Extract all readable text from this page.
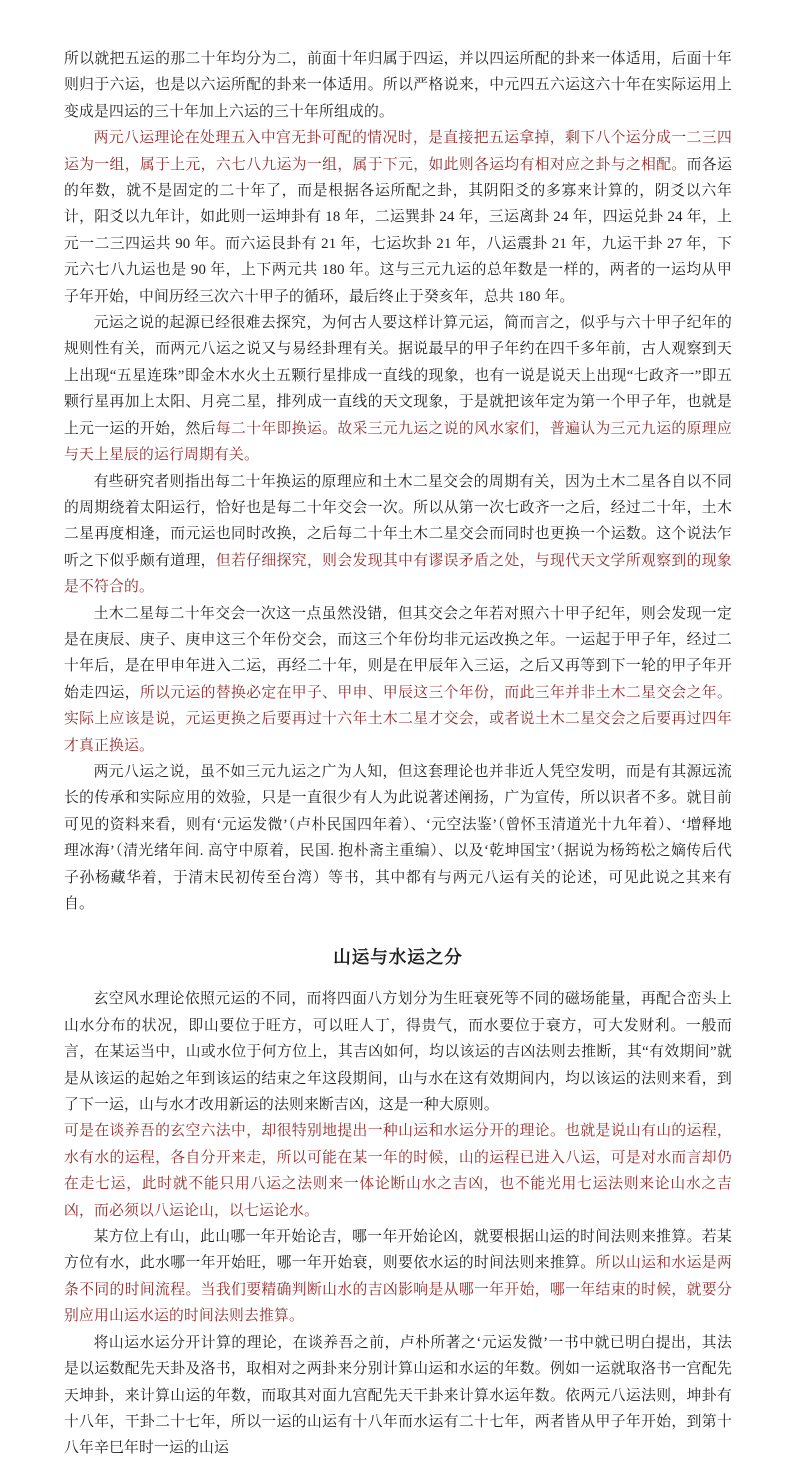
所以就把五运的那二十年均分为二，前面十年归属于四运，并以四运所配的卦来一体适用，后面十年则归于六运，也是以六运所配的卦来一体适用。所以严格说来，中元四五六运这六十年在实际运用上变成是四运的三十年加上六运的三十年所组成的。

两元八运理论在处理五入中宫无卦可配的情况时，是直接把五运拿掉，剩下八个运分成一二三四运为一组，属于上元，六七八九运为一组，属于下元，如此则各运均有相对应之卦与之相配。而各运的年数，就不是固定的二十年了，而是根据各运所配之卦，其阴阳爻的多寡来计算的，阴爻以六年计，阳爻以九年计，如此则一运坤卦有 18 年，二运巽卦 24 年，三运离卦 24 年，四运兑卦 24 年，上元一二三四运共 90 年。而六运艮卦有 21 年，七运坎卦 21 年，八运震卦 21 年，九运干卦 27 年，下元六七八九运也是 90 年，上下两元共 180 年。这与三元九运的总年数是一样的，两者的一运均从甲子年开始，中间历经三次六十甲子的循环，最后终止于癸亥年，总共 180 年。

元运之说的起源已经很难去探究，为何古人要这样计算元运，简而言之，似乎与六十甲子纪年的规则性有关，而两元八运之说又与易经卦理有关。据说最早的甲子年约在四千多年前，古人观察到天上出现“五星连珠”即金木水火土五颗行星排成一直线的现象，也有一说是说天上出现“七政齐一”即五颗行星再加上太阳、月亮二星，排列成一直线的天文现象，于是就把该年定为第一个甲子年，也就是上元一运的开始，然后每二十年即换运。故采三元九运之说的风水家们，普遍认为三元九运的原理应与天上星辰的运行周期有关。

有些研究者则指出每二十年换运的原理应和土木二星交会的周期有关，因为土木二星各自以不同的周期绕着太阳运行，恰好也是每二十年交会一次。所以从第一次七政齐一之后，经过二十年，土木二星再度相逢，而元运也同时改换，之后每二十年土木二星交会而同时也更换一个运数。这个说法乍听之下似乎颇有道理，但若仔细探究，则会发现其中有谬误矛盾之处，与现代天文学所观察到的现象是不符合的。

土木二星每二十年交会一次这一点虽然没错，但其交会之年若对照六十甲子纪年，则会发现一定是在庚辰、庚子、庚申这三个年份交会，而这三个年份均非元运改换之年。一运起于甲子年，经过二十年后，是在甲申年进入二运，再经二十年，则是在甲辰年入三运，之后又再等到下一轮的甲子年开始走四运，所以元运的替换必定在甲子、甲申、甲辰这三个年份，而此三年并非土木二星交会之年。实际上应该是说，元运更换之后要再过十六年土木二星才交会，或者说土木二星交会之后要再过四年才真正换运。

两元八运之说，虽不如三元九运之广为人知，但这套理论也并非近人凭空发明，而是有其源远流长的传承和实际应用的效验，只是一直很少有人为此说著述阐扬，广为宣传，所以识者不多。就目前可见的资料来看，则有‘元运发微’（卢朴民国四年着）、‘元空法鉴’（曾怀玉清道光十九年着）、‘增释地理冰海’（清光绪年间. 高守中原着，民国. 抱朴斋主重编）、以及‘乾坤国宝’（据说为杨筠松之嫡传后代子孙杨藏华着，于清末民初传至台湾）等书，其中都有与两元八运有关的论述，可见此说之其来有自。

山运与水运之分

玄空风水理论依照元运的不同，而将四面八方划分为生旺衰死等不同的磁场能量，再配合峦头上山水分布的状况，即山要位于旺方，可以旺人丁，得贵气，而水要位于衰方，可大发财利。一般而言，在某运当中，山或水位于何方位上，其吉凶如何，均以该运的吉凶法则去推断，其“有效期间”就是从该运的起始之年到该运的结束之年这段期间，山与水在这有效期间内，均以该运的法则来看，到了下一运，山与水才改用新运的法则来断吉凶，这是一种大原则。

可是在谈养吾的玄空六法中，却很特别地提出一种山运和水运分开的理论。也就是说山有山的运程，水有水的运程，各自分开来走，所以可能在某一年的时候，山的运程已进入八运，可是对水而言却仍在走七运，此时就不能只用八运之法则来一体论断山水之吉凶，也不能光用七运法则来论山水之吉凶，而必须以八运论山，以七运论水。

某方位上有山，此山哪一年开始论吉，哪一年开始论凶，就要根据山运的时间法则来推算。若某方位有水，此水哪一年开始旺，哪一年开始衰，则要依水运的时间法则来推算。所以山运和水运是两条不同的时间流程。当我们要精确判断山水的吉凶影响是从哪一年开始，哪一年结束的时候，就要分别应用山运水运的时间法则去推算。

将山运水运分开计算的理论，在谈养吾之前，卢朴所著之‘元运发微’一书中就已明白提出，其法是以运数配先天卦及洛书，取相对之两卦来分别计算山运和水运的年数。例如一运就取洛书一宫配先天坤卦，来计算山运的年数，而取其对面九宫配先天干卦来计算水运年数。依两元八运法则，坤卦有十八年，干卦二十七年，所以一运的山运有十八年而水运有二十七年，两者皆从甲子年开始，到第十八年辛巳年时一运的山运
